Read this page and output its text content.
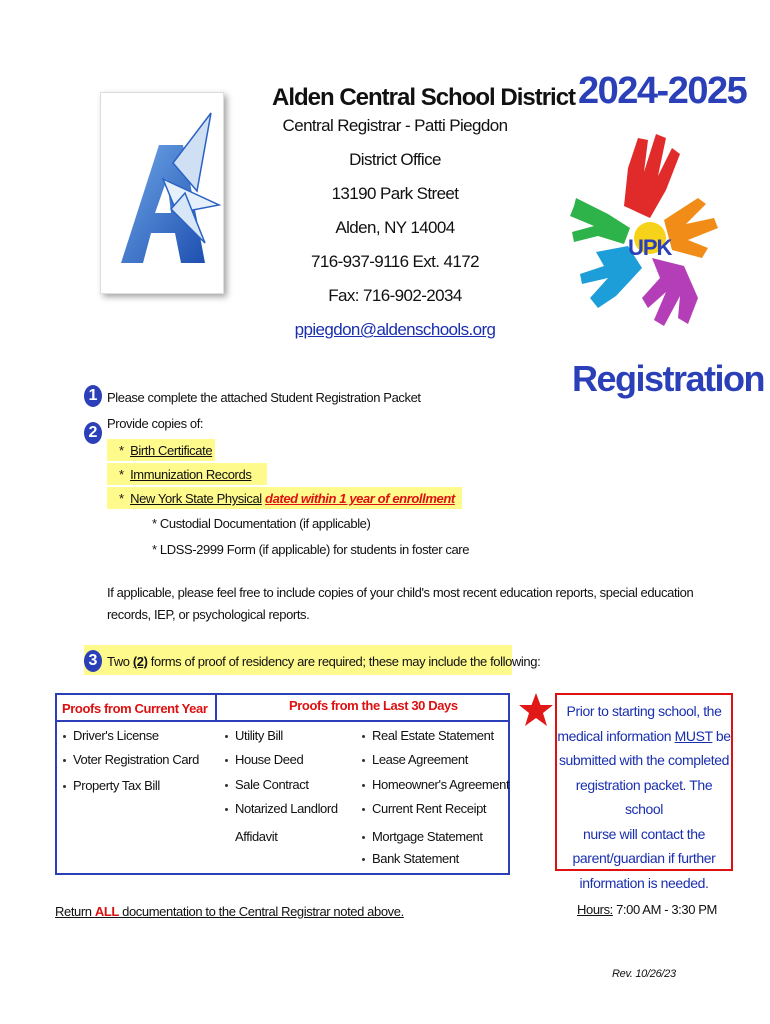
Alden Central School District
Central Registrar - Patti Piegdon
District Office
13190 Park Street
Alden, NY 14004
716-937-9116 Ext. 4172
Fax: 716-902-2034
ppiegdon@aldenschools.org
2024-2025
UPK
Registration
1 Please complete the attached Student Registration Packet
2
Provide copies of:
*  Birth Certificate
*  Immunization Records
*  New York State Physical dated within 1 year of enrollment
* Custodial Documentation (if applicable)
* LDSS-2999 Form (if applicable) for students in foster care
If applicable, please feel free to include copies of your child's most recent education reports, special education
records, IEP, or psychological reports.
3 Two (2) forms of proof of residency are required; these may include the following:
Proofs from Current Year	Proofs from the Last 30 Days
Driver's License
Voter Registration Card
Property Tax Bill
Utility Bill
House Deed
Sale Contract
Notarized Landlord
Affidavit
Real Estate Statement
Lease Agreement
Homeowner's Agreement
Current Rent Receipt
Mortgage Statement
Bank Statement
Prior to starting school, the
medical information MUST be
submitted with the completed
registration packet. The school
nurse will contact the
parent/guardian if further
information is needed.
Return ALL documentation to the Central Registrar noted above.	Hours: 7:00 AM - 3:30 PM
Rev. 10/26/23
